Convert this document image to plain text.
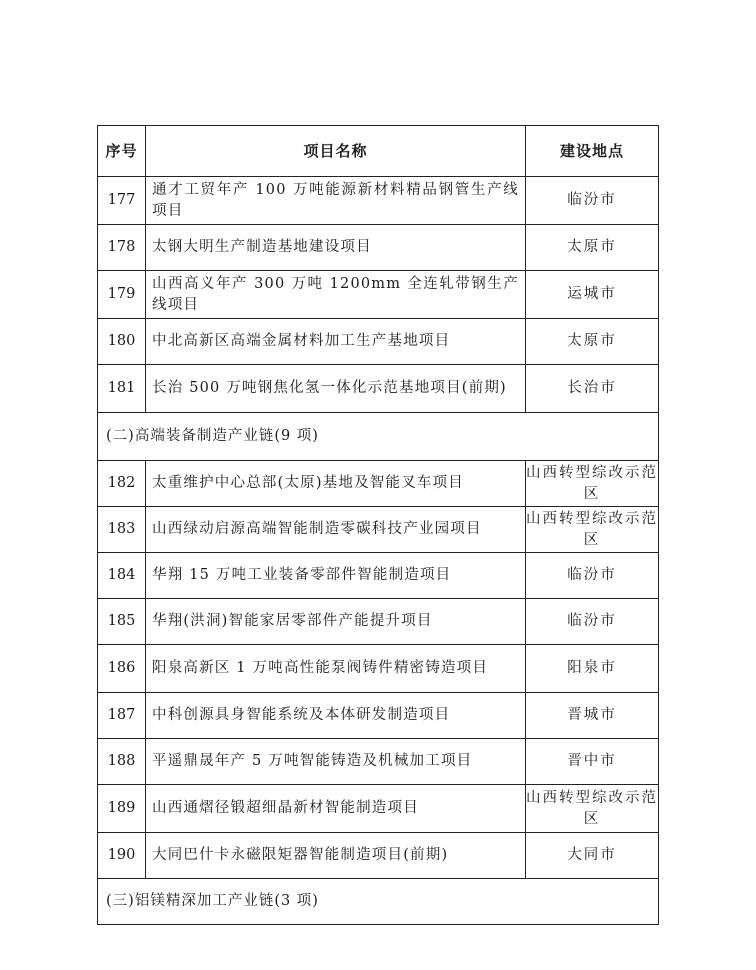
序号	项目名称	建设地点
177	通才工贸年产 100 万吨能源新材料精品钢管生产线项目	临汾市
178	太钢大明生产制造基地建设项目	太原市
179	山西高义年产 300 万吨 1200mm 全连轧带钢生产线项目	运城市
180	中北高新区高端金属材料加工生产基地项目	太原市
181	长治 500 万吨钢焦化氢一体化示范基地项目(前期)	长治市
(二)高端装备制造产业链(9 项)		
182	太重维护中心总部(太原)基地及智能叉车项目	山西转型综改示范区
183	山西绿动启源高端智能制造零碳科技产业园项目	山西转型综改示范区
184	华翔 15 万吨工业装备零部件智能制造项目	临汾市
185	华翔(洪洞)智能家居零部件产能提升项目	临汾市
186	阳泉高新区 1 万吨高性能泵阀铸件精密铸造项目	阳泉市
187	中科创源具身智能系统及本体研发制造项目	晋城市
188	平遥鼎晟年产 5 万吨智能铸造及机械加工项目	晋中市
189	山西通熠径锻超细晶新材智能制造项目	山西转型综改示范区
190	大同巴什卡永磁限矩器智能制造项目(前期)	大同市
(三)铝镁精深加工产业链(3 项)		
